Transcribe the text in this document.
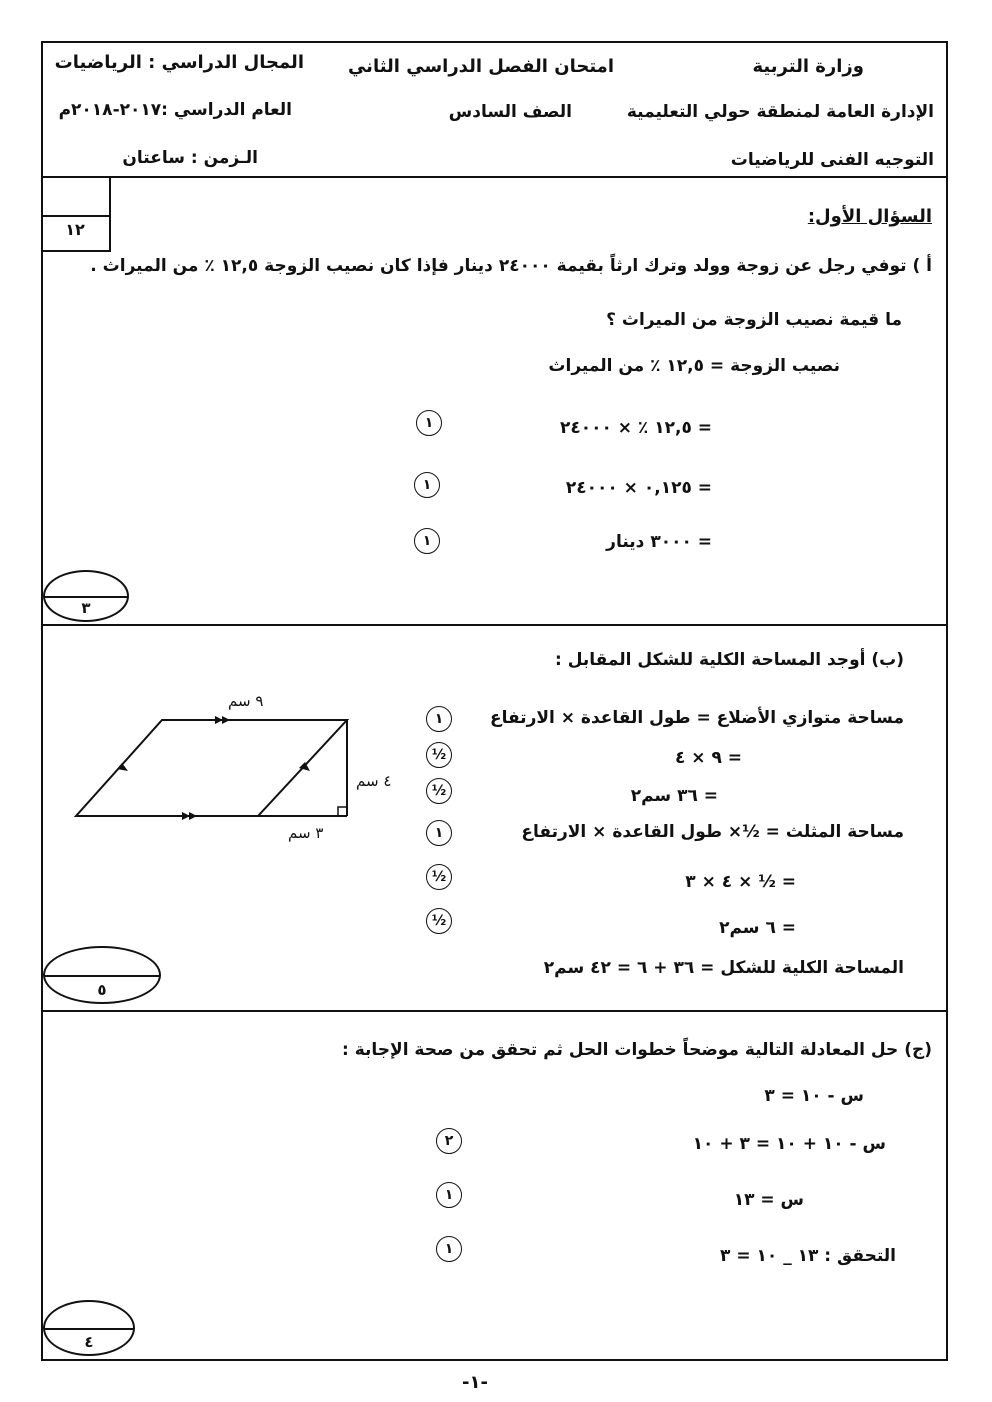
وزارة التربية
امتحان الفصل الدراسي الثاني
المجال الدراسي : الرياضيات
الإدارة العامة لمنطقة حولي التعليمية
الصف السادس
العام الدراسي :٢٠١٧-٢٠١٨م
التوجيه الفنى للرياضيات
الـزمن : ساعتان
١٢
السؤال الأول:
أ ) توفي رجل عن زوجة وولد وترك ارثاً بقيمة ٢٤٠٠٠ دينار فإذا كان نصيب الزوجة ١٢,٥ ٪ من الميراث .
ما قيمة نصيب الزوجة من الميراث ؟
نصيب الزوجة = ١٢,٥ ٪ من الميراث
= ١٢,٥ ٪ × ٢٤٠٠٠
١
= ٠,١٢٥ × ٢٤٠٠٠
١
= ٣٠٠٠ دينار
١
٣
(ب) أوجد المساحة الكلية للشكل المقابل :
٩ سم
٤ سم
٣ سم
مساحة متوازي الأضلاع = طول القاعدة × الارتفاع
١
= ٩ × ٤
½
= ٣٦ سم٢
½
مساحة المثلث = ½× طول القاعدة × الارتفاع
١
= ½ × ٤ × ٣
½
= ٦ سم٢
½
المساحة الكلية للشكل = ٣٦ + ٦ = ٤٢ سم٢
٥
(ج) حل المعادلة التالية موضحاً خطوات الحل ثم تحقق من صحة الإجابة :
س - ١٠ = ٣
س - ١٠ + ١٠ = ٣ + ١٠
٢
س = ١٣
١
التحقق : ١٣ _ ١٠ = ٣
١
٤
-١-
